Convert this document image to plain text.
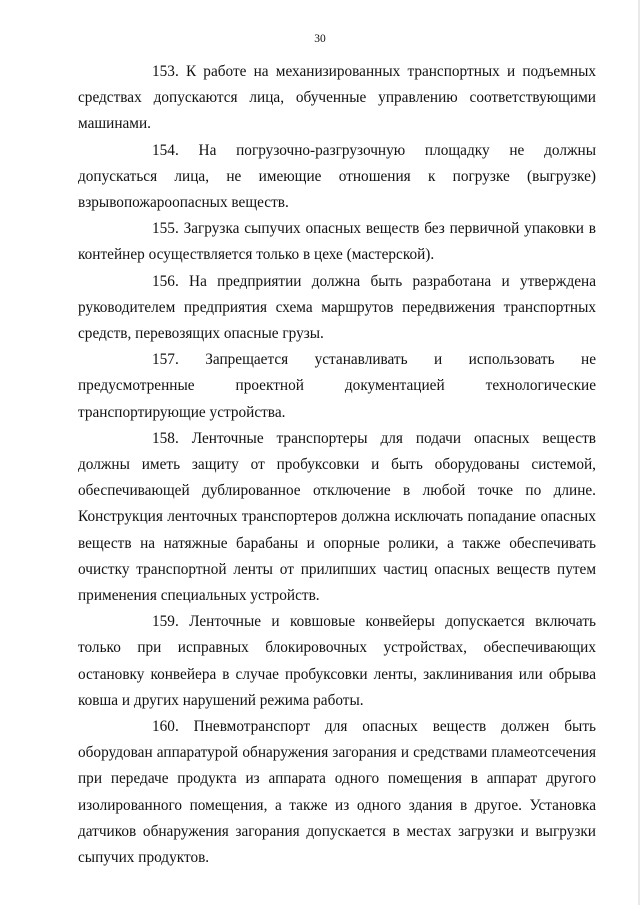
30

153. К работе на механизированных транспортных и подъемных средствах допускаются лица, обученные управлению соответствующими машинами.

154. На погрузочно-разгрузочную площадку не должны допускаться лица, не имеющие отношения к погрузке (выгрузке) взрывопожароопасных веществ.

155. Загрузка сыпучих опасных веществ без первичной упаковки в контейнер осуществляется только в цехе (мастерской).

156. На предприятии должна быть разработана и утверждена руководителем предприятия схема маршрутов передвижения транспортных средств, перевозящих опасные грузы.

157. Запрещается устанавливать и использовать не предусмотренные проектной документацией технологические транспортирующие устройства.

158. Ленточные транспортеры для подачи опасных веществ должны иметь защиту от пробуксовки и быть оборудованы системой, обеспечивающей дублированное отключение в любой точке по длине. Конструкция ленточных транспортеров должна исключать попадание опасных веществ на натяжные барабаны и опорные ролики, а также обеспечивать очистку транспортной ленты от прилипших частиц опасных веществ путем применения специальных устройств.

159. Ленточные и ковшовые конвейеры допускается включать только при исправных блокировочных устройствах, обеспечивающих остановку конвейера в случае пробуксовки ленты, заклинивания или обрыва ковша и других нарушений режима работы.

160. Пневмотранспорт для опасных веществ должен быть оборудован аппаратурой обнаружения загорания и средствами пламеотсечения при передаче продукта из аппарата одного помещения в аппарат другого изолированного помещения, а также из одного здания в другое. Установка датчиков обнаружения загорания допускается в местах загрузки и выгрузки сыпучих продуктов.
